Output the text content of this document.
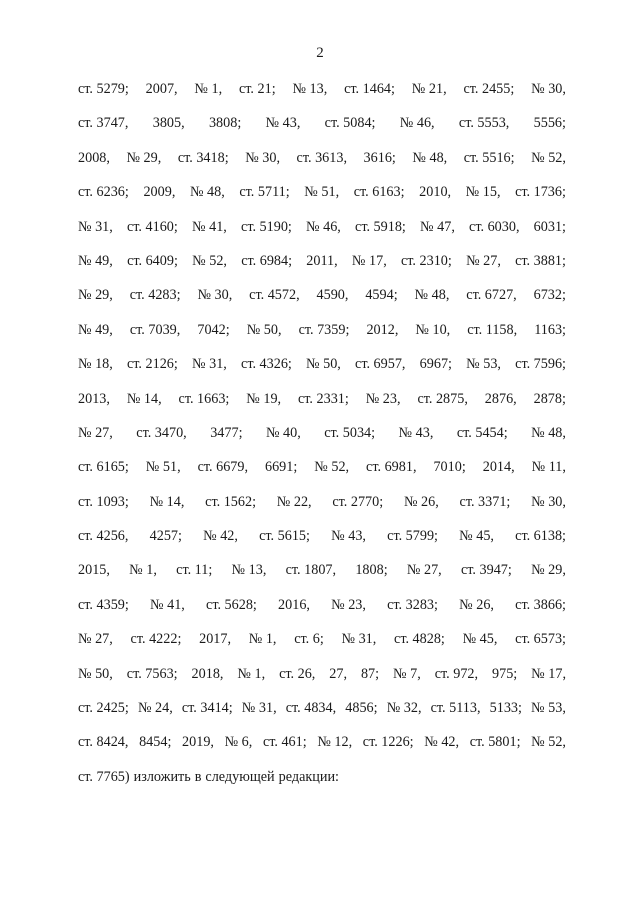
2
ст. 5279; 2007, № 1, ст. 21; № 13, ст. 1464; № 21, ст. 2455; № 30,
ст. 3747, 3805, 3808; № 43, ст. 5084; № 46, ст. 5553, 5556;
2008, № 29, ст. 3418; № 30, ст. 3613, 3616; № 48, ст. 5516; № 52,
ст. 6236; 2009, № 48, ст. 5711; № 51, ст. 6163; 2010, № 15, ст. 1736;
№ 31, ст. 4160; № 41, ст. 5190; № 46, ст. 5918; № 47, ст. 6030, 6031;
№ 49, ст. 6409; № 52, ст. 6984; 2011, № 17, ст. 2310; № 27, ст. 3881;
№ 29, ст. 4283; № 30, ст. 4572, 4590, 4594; № 48, ст. 6727, 6732;
№ 49, ст. 7039, 7042; № 50, ст. 7359; 2012, № 10, ст. 1158, 1163;
№ 18, ст. 2126; № 31, ст. 4326; № 50, ст. 6957, 6967; № 53, ст. 7596;
2013, № 14, ст. 1663; № 19, ст. 2331; № 23, ст. 2875, 2876, 2878;
№ 27, ст. 3470, 3477; № 40, ст. 5034; № 43, ст. 5454; № 48,
ст. 6165; № 51, ст. 6679, 6691; № 52, ст. 6981, 7010; 2014, № 11,
ст. 1093; № 14, ст. 1562; № 22, ст. 2770; № 26, ст. 3371; № 30,
ст. 4256, 4257; № 42, ст. 5615; № 43, ст. 5799; № 45, ст. 6138;
2015, № 1, ст. 11; № 13, ст. 1807, 1808; № 27, ст. 3947; № 29,
ст. 4359; № 41, ст. 5628; 2016, № 23, ст. 3283; № 26, ст. 3866;
№ 27, ст. 4222; 2017, № 1, ст. 6; № 31, ст. 4828; № 45, ст. 6573;
№ 50, ст. 7563; 2018, № 1, ст. 26, 27, 87; № 7, ст. 972, 975; № 17,
ст. 2425; № 24, ст. 3414; № 31, ст. 4834, 4856; № 32, ст. 5113, 5133; № 53,
ст. 8424, 8454; 2019, № 6, ст. 461; № 12, ст. 1226; № 42, ст. 5801; № 52,
ст. 7765) изложить в следующей редакции:
